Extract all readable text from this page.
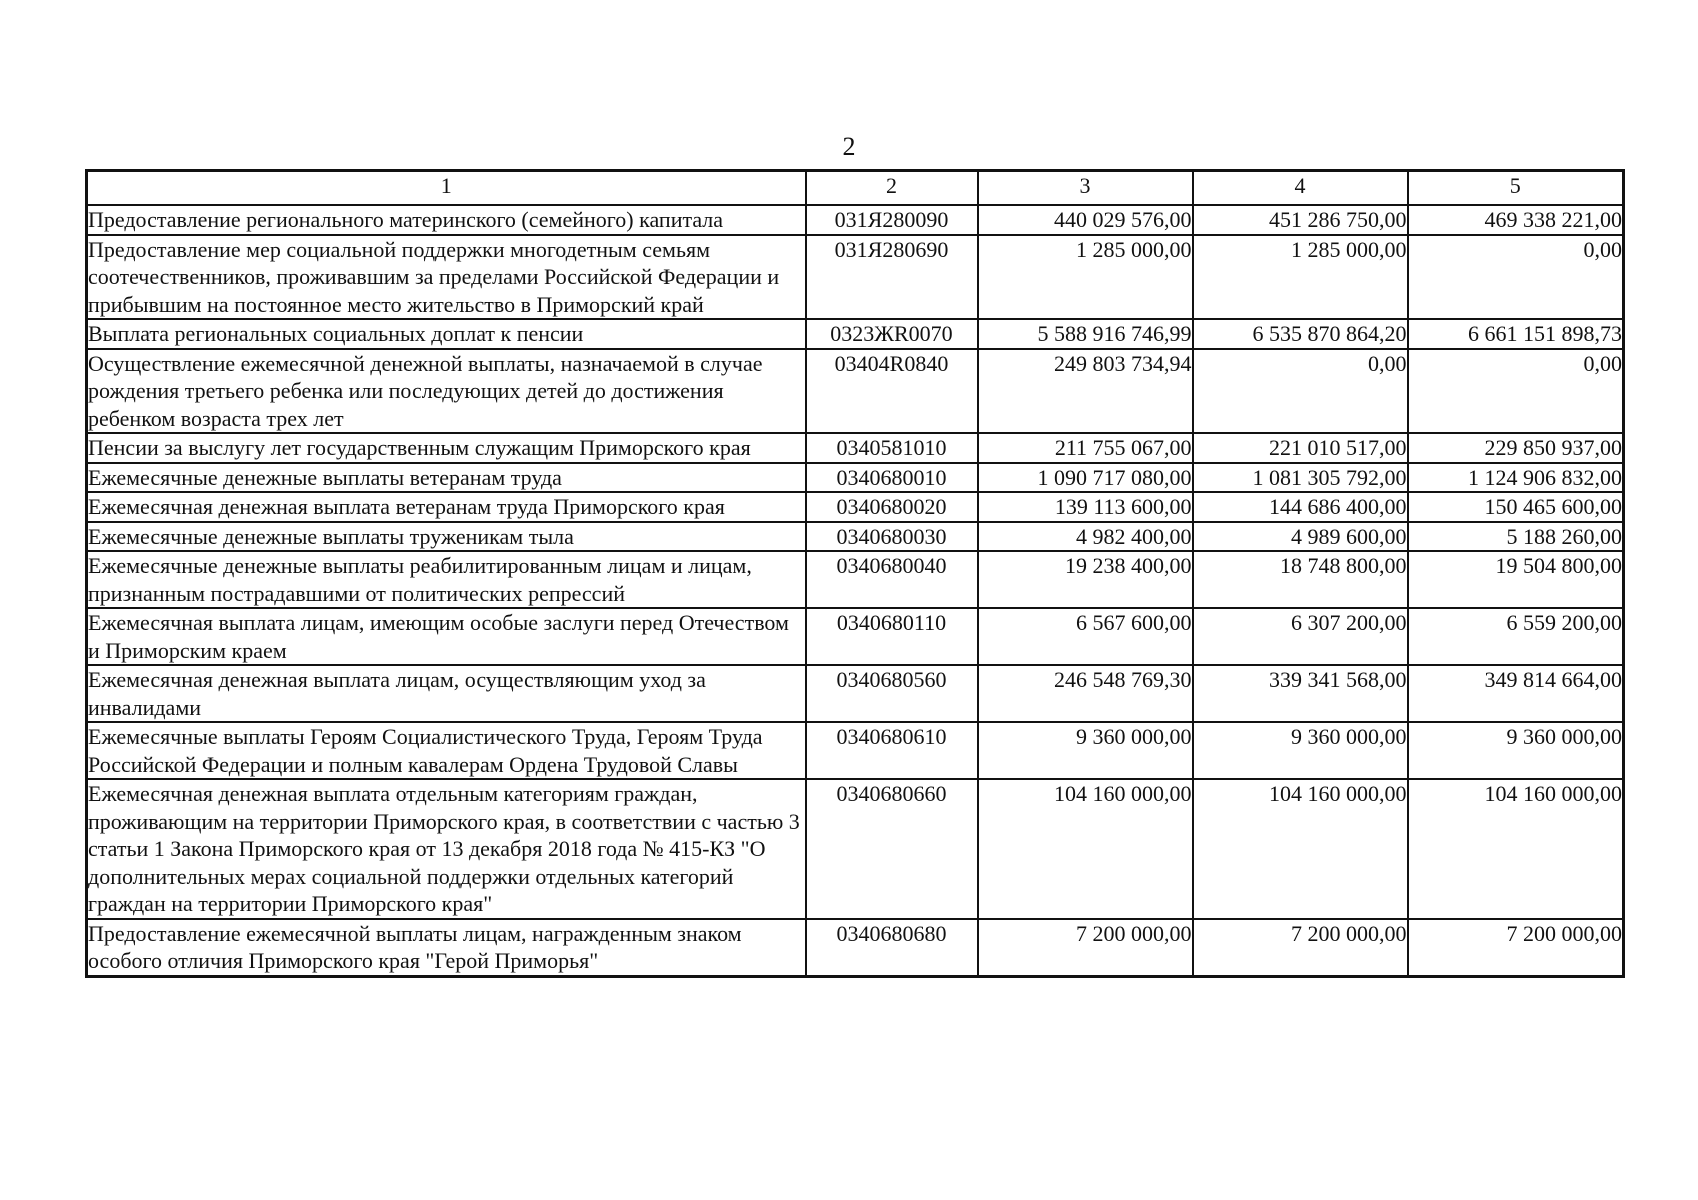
2
1	2	3	4	5
Предоставление регионального материнского (семейного) капитала	031Я280090	440 029 576,00	451 286 750,00	469 338 221,00
Предоставление мер социальной поддержки многодетным семьям соотечественников, проживавшим за пределами Российской Федерации и прибывшим на постоянное место жительство в Приморский край	031Я280690	1 285 000,00	1 285 000,00	0,00
Выплата региональных социальных доплат к пенсии	0323ЖR0070	5 588 916 746,99	6 535 870 864,20	6 661 151 898,73
Осуществление ежемесячной денежной выплаты, назначаемой в случае рождения третьего ребенка или последующих детей до достижения ребенком возраста трех лет	03404R0840	249 803 734,94	0,00	0,00
Пенсии за выслугу лет государственным служащим Приморского края	0340581010	211 755 067,00	221 010 517,00	229 850 937,00
Ежемесячные денежные выплаты ветеранам труда	0340680010	1 090 717 080,00	1 081 305 792,00	1 124 906 832,00
Ежемесячная денежная выплата ветеранам труда Приморского края	0340680020	139 113 600,00	144 686 400,00	150 465 600,00
Ежемесячные денежные выплаты труженикам тыла	0340680030	4 982 400,00	4 989 600,00	5 188 260,00
Ежемесячные денежные выплаты реабилитированным лицам и лицам, признанным пострадавшими от политических репрессий	0340680040	19 238 400,00	18 748 800,00	19 504 800,00
Ежемесячная выплата лицам, имеющим особые заслуги перед Отечеством и Приморским краем	0340680110	6 567 600,00	6 307 200,00	6 559 200,00
Ежемесячная денежная выплата лицам, осуществляющим уход за инвалидами	0340680560	246 548 769,30	339 341 568,00	349 814 664,00
Ежемесячные выплаты Героям Социалистического Труда, Героям Труда Российской Федерации и полным кавалерам Ордена Трудовой Славы	0340680610	9 360 000,00	9 360 000,00	9 360 000,00
Ежемесячная денежная выплата отдельным категориям граждан, проживающим на территории Приморского края, в соответствии с частью 3 статьи 1 Закона Приморского края от 13 декабря 2018 года № 415-КЗ "О дополнительных мерах социальной поддержки отдельных категорий граждан на территории Приморского края"	0340680660	104 160 000,00	104 160 000,00	104 160 000,00
Предоставление ежемесячной выплаты лицам, награжденным знаком особого отличия Приморского края "Герой Приморья"	0340680680	7 200 000,00	7 200 000,00	7 200 000,00
